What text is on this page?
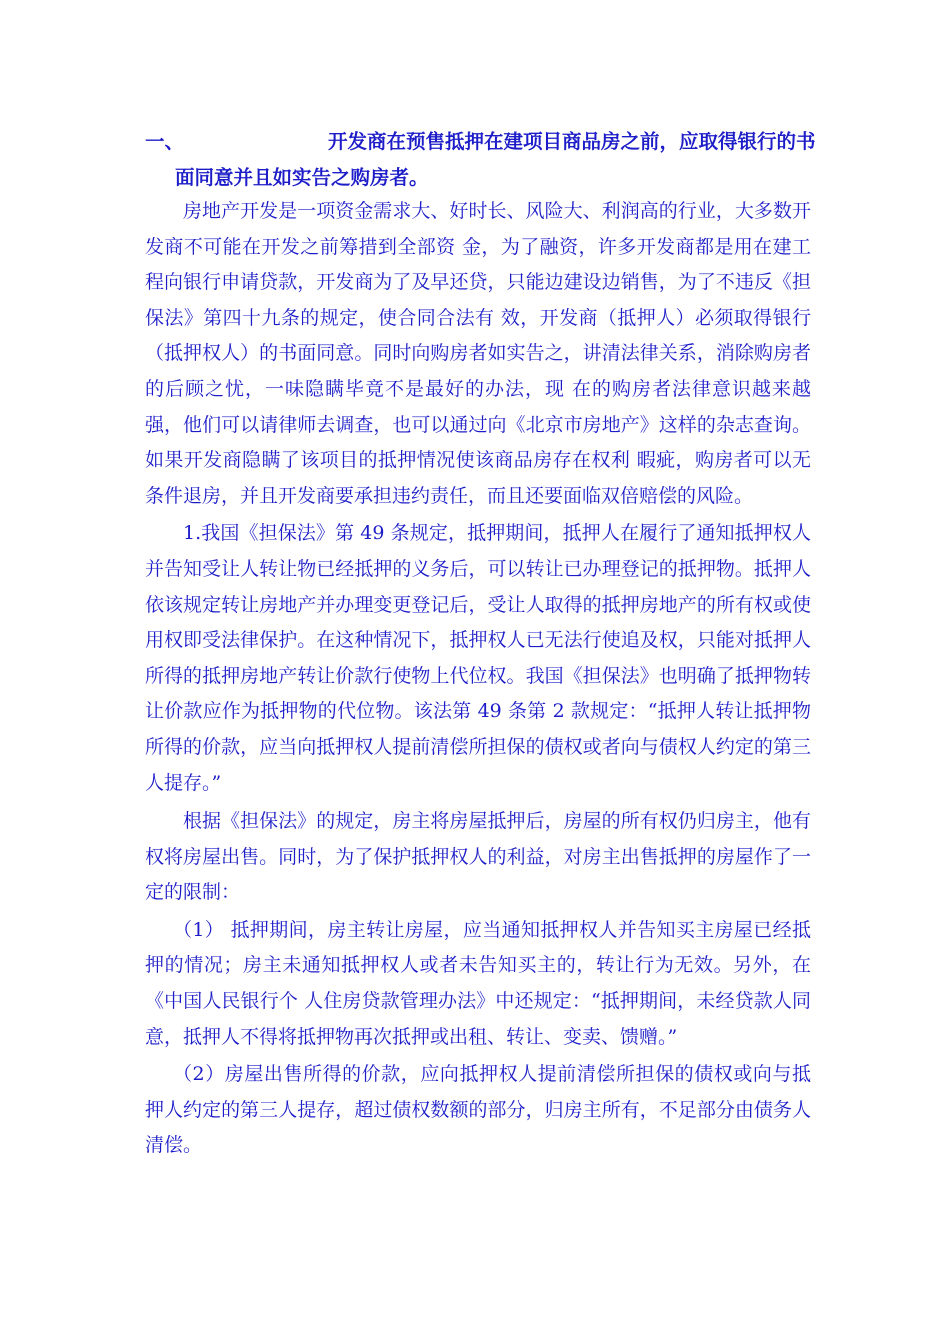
一、	开发商在预售抵押在建项目商品房之前，应取得银行的书
面同意并且如实告之购房者。

房地产开发是一项资金需求大、好时长、风险大、利润高的行业，大多数开发商不可能在开发之前筹措到全部资 金，为了融资，许多开发商都是用在建工程向银行申请贷款，开发商为了及早还贷，只能边建设边销售，为了不违反《担保法》第四十九条的规定，使合同合法有 效，开发商（抵押人）必须取得银行（抵押权人）的书面同意。同时向购房者如实告之，讲清法律关系，消除购房者的后顾之忧，一味隐瞒毕竟不是最好的办法，现 在的购房者法律意识越来越强，他们可以请律师去调查，也可以通过向《北京市房地产》这样的杂志查询。如果开发商隐瞒了该项目的抵押情况使该商品房存在权利 暇疵，购房者可以无条件退房，并且开发商要承担违约责任，而且还要面临双倍赔偿的风险。

1.我国《担保法》第 49 条规定，抵押期间，抵押人在履行了通知抵押权人并告知受让人转让物已经抵押的义务后，可以转让已办理登记的抵押物。抵押人依该规定转让房地产并办理变更登记后，受让人取得的抵押房地产的所有权或使用权即受法律保护。在这种情况下，抵押权人已无法行使追及权，只能对抵押人所得的抵押房地产转让价款行使物上代位权。我国《担保法》也明确了抵押物转让价款应作为抵押物的代位物。该法第 49 条第 2 款规定：“抵押人转让抵押物所得的价款，应当向抵押权人提前清偿所担保的债权或者向与债权人约定的第三人提存。”

根据《担保法》的规定，房主将房屋抵押后，房屋的所有权仍归房主，他有权将房屋出售。同时，为了保护抵押权人的利益，对房主出售抵押的房屋作了一定的限制：

（1） 抵押期间，房主转让房屋，应当通知抵押权人并告知买主房屋已经抵押的情况；房主未通知抵押权人或者未告知买主的，转让行为无效。另外，在《中国人民银行个 人住房贷款管理办法》中还规定：“抵押期间，未经贷款人同意，抵押人不得将抵押物再次抵押或出租、转让、变卖、馈赠。”

（2）房屋出售所得的价款，应向抵押权人提前清偿所担保的债权或向与抵押人约定的第三人提存，超过债权数额的部分，归房主所有，不足部分由债务人清偿。
